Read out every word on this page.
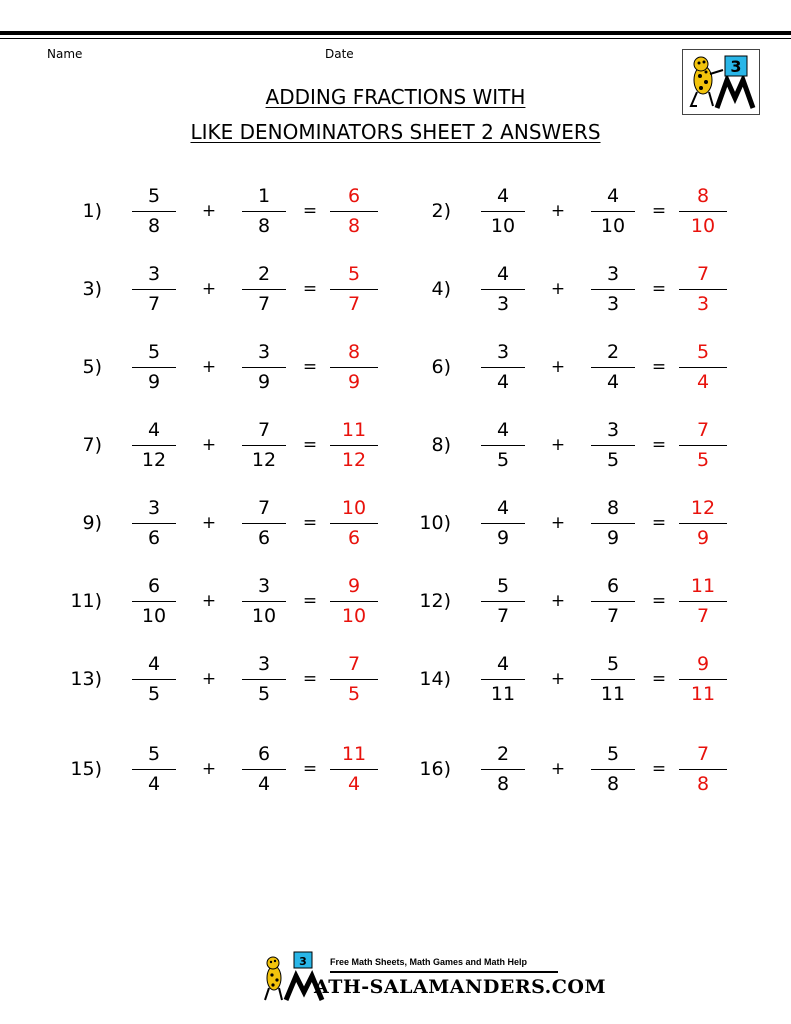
Name	Date
ADDING FRACTIONS WITH
LIKE DENOMINATORS SHEET 2 ANSWERS
3
1)
5
8
+
1
8
=
6
8
2)
4
10
+
4
10
=
8
10
3)
3
7
+
2
7
=
5
7
4)
4
3
+
3
3
=
7
3
5)
5
9
+
3
9
=
8
9
6)
3
4
+
2
4
=
5
4
7)
4
12
+
7
12
=
11
12
8)
4
5
+
3
5
=
7
5
9)
3
6
+
7
6
=
10
6
10)
4
9
+
8
9
=
12
9
11)
6
10
+
3
10
=
9
10
12)
5
7
+
6
7
=
11
7
13)
4
5
+
3
5
=
7
5
14)
4
11
+
5
11
=
9
11
15)
5
4
+
6
4
=
11
4
16)
2
8
+
5
8
=
7
8
3	Free Math Sheets, Math Games and Math Help
ATH-SALAMANDERS.COM
